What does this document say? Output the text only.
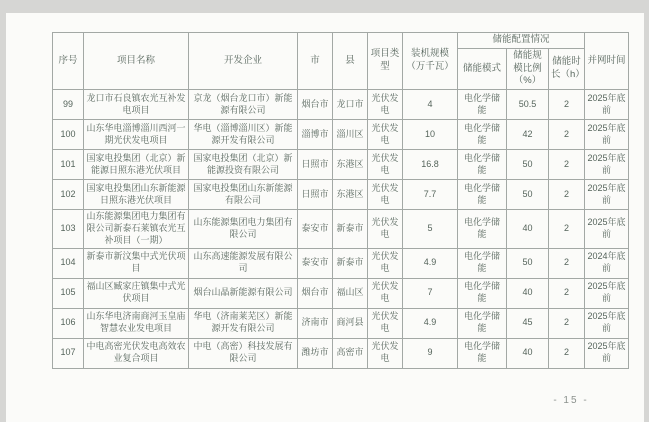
序号	项目名称	开发企业	市	县	项目类型	装机规模（万千瓦）	储能配置情况			并网时间
							储能模式	储能规模比例（%）	储能时长（h）	
99	龙口市石良镇农光互补发电项目	京龙（烟台龙口市）新能源有限公司	烟台市	龙口市	光伏发电	4	电化学储能	50.5	2	2025年底前
100	山东华电淄博淄川西河一期光伏发电项目	华电（淄博淄川区）新能源开发有限公司	淄博市	淄川区	光伏发电	10	电化学储能	42	2	2025年底前
101	国家电投集团（北京）新能源日照东港光伏项目	国家电投集团（北京）新能源投资有限公司	日照市	东港区	光伏发电	16.8	电化学储能	50	2	2025年底前
102	国家电投集团山东新能源日照东港光伏项目	国家电投集团山东新能源有限公司	日照市	东港区	光伏发电	7.7	电化学储能	50	2	2025年底前
103	山东能源集团电力集团有限公司新泰石莱镇农光互补项目（一期）	山东能源集团电力集团有限公司	泰安市	新泰市	光伏发电	5	电化学储能	40	2	2025年底前
104	新泰市新汶集中式光伏项目	山东高速能源发展有限公司	泰安市	新泰市	光伏发电	4.9	电化学储能	50	2	2024年底前
105	福山区臧家庄镇集中式光伏项目	烟台山晶新能源有限公司	烟台市	福山区	光伏发电	7	电化学储能	40	2	2025年底前
106	山东华电济南商河玉皇庙智慧农业发电项目	华电（济南莱芜区）新能源开发有限公司	济南市	商河县	光伏发电	4.9	电化学储能	45	2	2025年底前
107	中电高密光伏发电高效农业复合项目	中电（高密）科技发展有限公司	潍坊市	高密市	光伏发电	9	电化学储能	40	2	2025年底前
- 15 -
